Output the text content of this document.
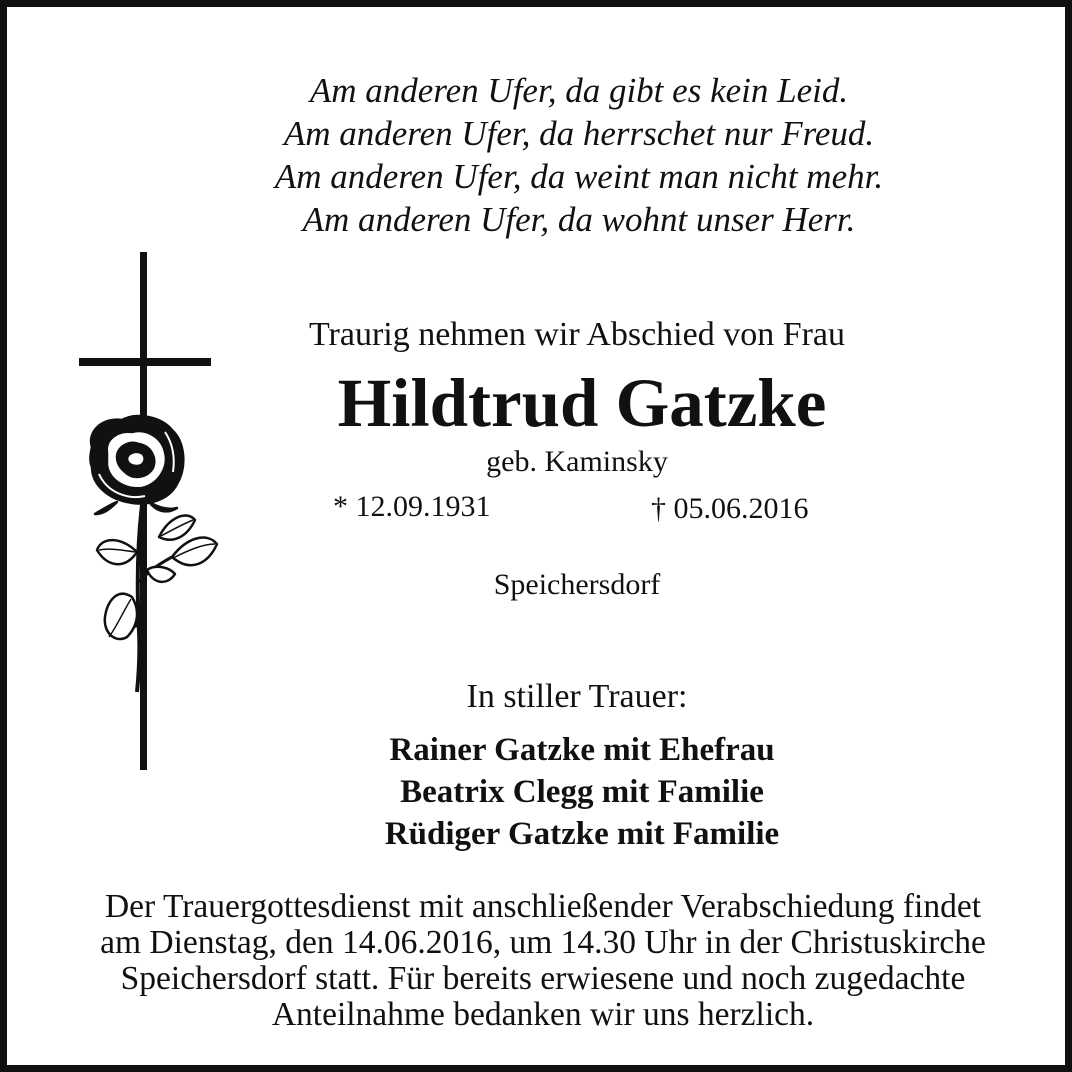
Am anderen Ufer, da gibt es kein Leid.
Am anderen Ufer, da herrschet nur Freud.
Am anderen Ufer, da weint man nicht mehr.
Am anderen Ufer, da wohnt unser Herr.
Traurig nehmen wir Abschied von Frau
Hildtrud Gatzke
geb. Kaminsky
* 12.09.1931	† 05.06.2016
Speichersdorf
In stiller Trauer:
Rainer Gatzke mit Ehefrau
Beatrix Clegg mit Familie
Rüdiger Gatzke mit Familie
Der Trauergottesdienst mit anschließender Verabschiedung findet
am Dienstag, den 14.06.2016, um 14.30 Uhr in der Christuskirche
Speichersdorf statt. Für bereits erwiesene und noch zugedachte
Anteilnahme bedanken wir uns herzlich.
